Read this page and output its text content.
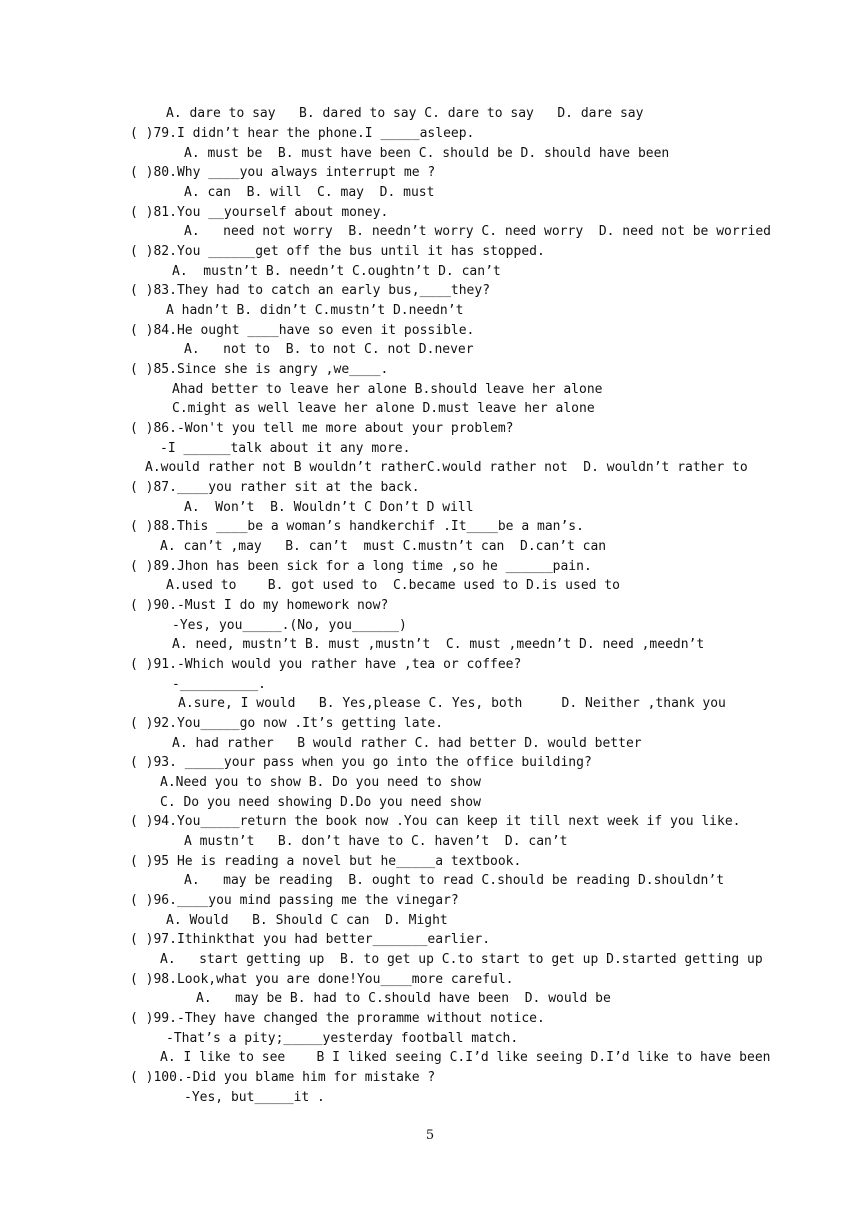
A. dare to say   B. dared to say C. dare to say   D. dare say
( )79.I didn’t hear the phone.I _____asleep.
A. must be  B. must have been C. should be D. should have been
( )80.Why ____you always interrupt me ?
A. can  B. will  C. may  D. must
( )81.You __yourself about money.
A.   need not worry  B. needn’t worry C. need worry  D. need not be worried
( )82.You ______get off the bus until it has stopped.
A.  mustn’t B. needn’t C.oughtn’t D. can’t
( )83.They had to catch an early bus,____they?
A hadn’t B. didn’t C.mustn’t D.needn’t
( )84.He ought ____have so even it possible.
A.   not to  B. to not C. not D.never
( )85.Since she is angry ,we____.
Ahad better to leave her alone B.should leave her alone
C.might as well leave her alone D.must leave her alone
( )86.-Won't you tell me more about your problem?
-I ______talk about it any more.
A.would rather not B wouldn’t ratherC.would rather not  D. wouldn’t rather to
( )87.____you rather sit at the back.
A.  Won’t  B. Wouldn’t C Don’t D will
( )88.This ____be a woman’s handkerchif .It____be a man’s.
A. can’t ,may   B. can’t  must C.mustn’t can  D.can’t can
( )89.Jhon has been sick for a long time ,so he ______pain.
A.used to    B. got used to  C.became used to D.is used to
( )90.-Must I do my homework now?
-Yes, you_____.(No, you______)
A. need, mustn’t B. must ,mustn’t  C. must ,meedn’t D. need ,meedn’t
( )91.-Which would you rather have ,tea or coffee?
-__________.
A.sure, I would   B. Yes,please C. Yes, both     D. Neither ,thank you
( )92.You_____go now .It’s getting late.
A. had rather   B would rather C. had better D. would better
( )93. _____your pass when you go into the office building?
A.Need you to show B. Do you need to show
C. Do you need showing D.Do you need show
( )94.You_____return the book now .You can keep it till next week if you like.
A mustn’t   B. don’t have to C. haven’t  D. can’t
( )95 He is reading a novel but he_____a textbook.
A.   may be reading  B. ought to read C.should be reading D.shouldn’t
( )96.____you mind passing me the vinegar?
A. Would   B. Should C can  D. Might
( )97.Ithinkthat you had better_______earlier.
A.   start getting up  B. to get up C.to start to get up D.started getting up
( )98.Look,what you are done!You____more careful.
A.   may be B. had to C.should have been  D. would be
( )99.-They have changed the proramme without notice.
-That’s a pity;_____yesterday football match.
A. I like to see    B I liked seeing C.I’d like seeing D.I’d like to have been
( )100.-Did you blame him for mistake ?
-Yes, but_____it .
5
